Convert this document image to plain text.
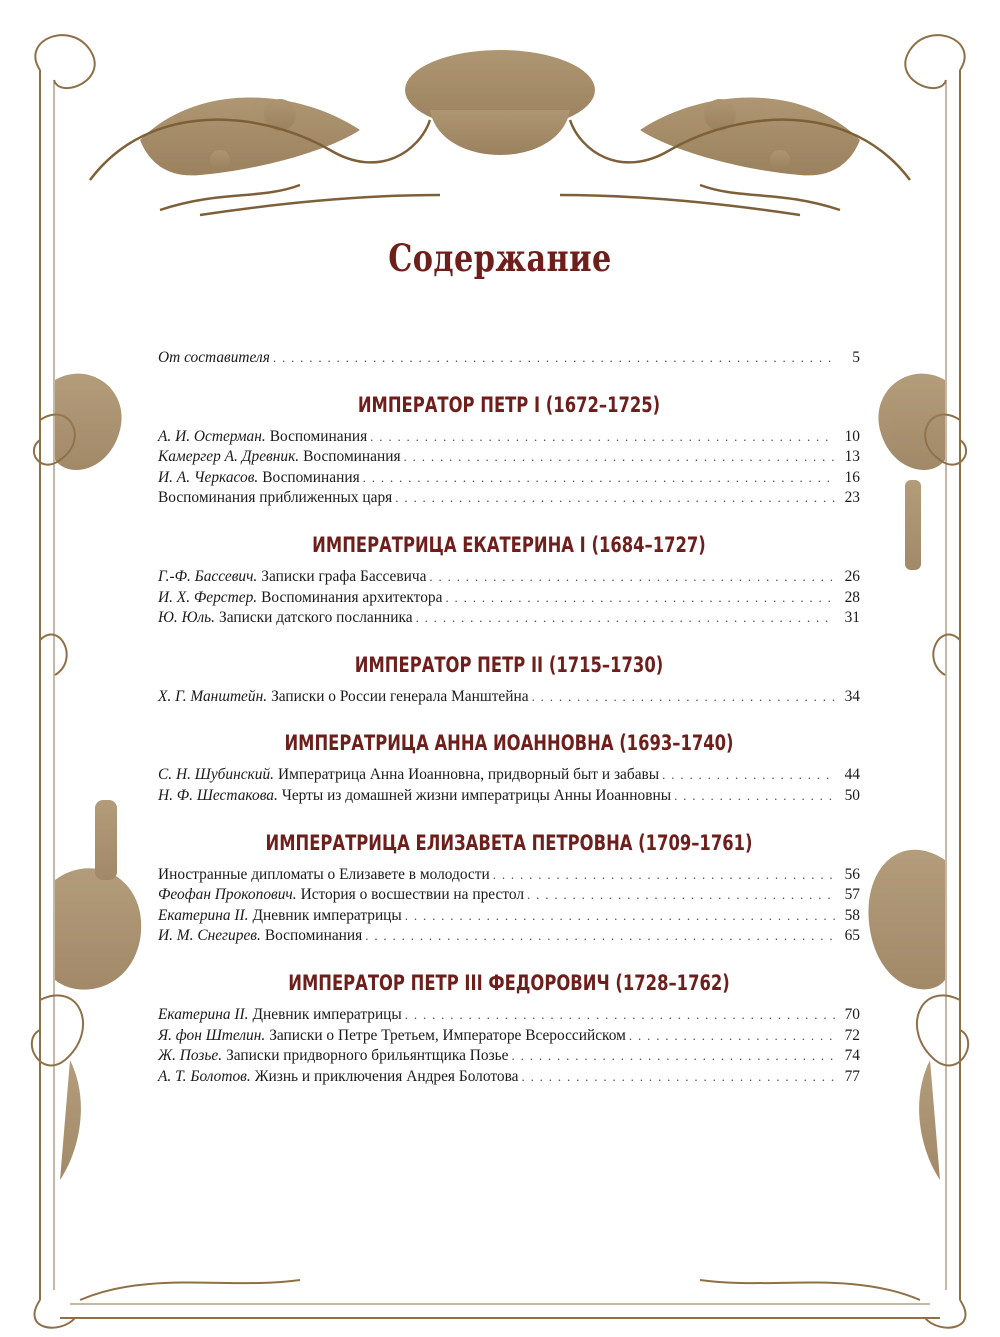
Содержание
От составителя . . .	5
ИМПЕРАТОР ПЕТР I (1672–1725)
А. И. Остерман. Воспоминания . . .	10
Камергер А. Древник. Воспоминания . . .	13
И. А. Черкасов. Воспоминания . . .	16
Воспоминания приближенных царя . . .	23
ИМПЕРАТРИЦА ЕКАТЕРИНА I (1684–1727)
Г.-Ф. Бассевич. Записки графа Бассевича . . .	26
И. Х. Ферстер. Воспоминания архитектора . . .	28
Ю. Юль. Записки датского посланника . . .	31
ИМПЕРАТОР ПЕТР II (1715–1730)
Х. Г. Манштейн. Записки о России генерала Манштейна . . .	34
ИМПЕРАТРИЦА АННА ИОАННОВНА (1693–1740)
С. Н. Шубинский. Императрица Анна Иоанновна, придворный быт и забавы . . .	44
Н. Ф. Шестакова. Черты из домашней жизни императрицы Анны Иоанновны . . .	50
ИМПЕРАТРИЦА ЕЛИЗАВЕТА ПЕТРОВНА (1709–1761)
Иностранные дипломаты о Елизавете в молодости . . .	56
Феофан Прокопович. История о восшествии на престол . . .	57
Екатерина II. Дневник императрицы . . .	58
И. М. Снегирев. Воспоминания . . .	65
ИМПЕРАТОР ПЕТР III ФЕДОРОВИЧ (1728–1762)
Екатерина II. Дневник императрицы . . .	70
Я. фон Штелин. Записки о Петре Третьем, Императоре Всероссийском . . .	72
Ж. Позье. Записки придворного брильянтщика Позье . . .	74
А. Т. Болотов. Жизнь и приключения Андрея Болотова . . .	77
